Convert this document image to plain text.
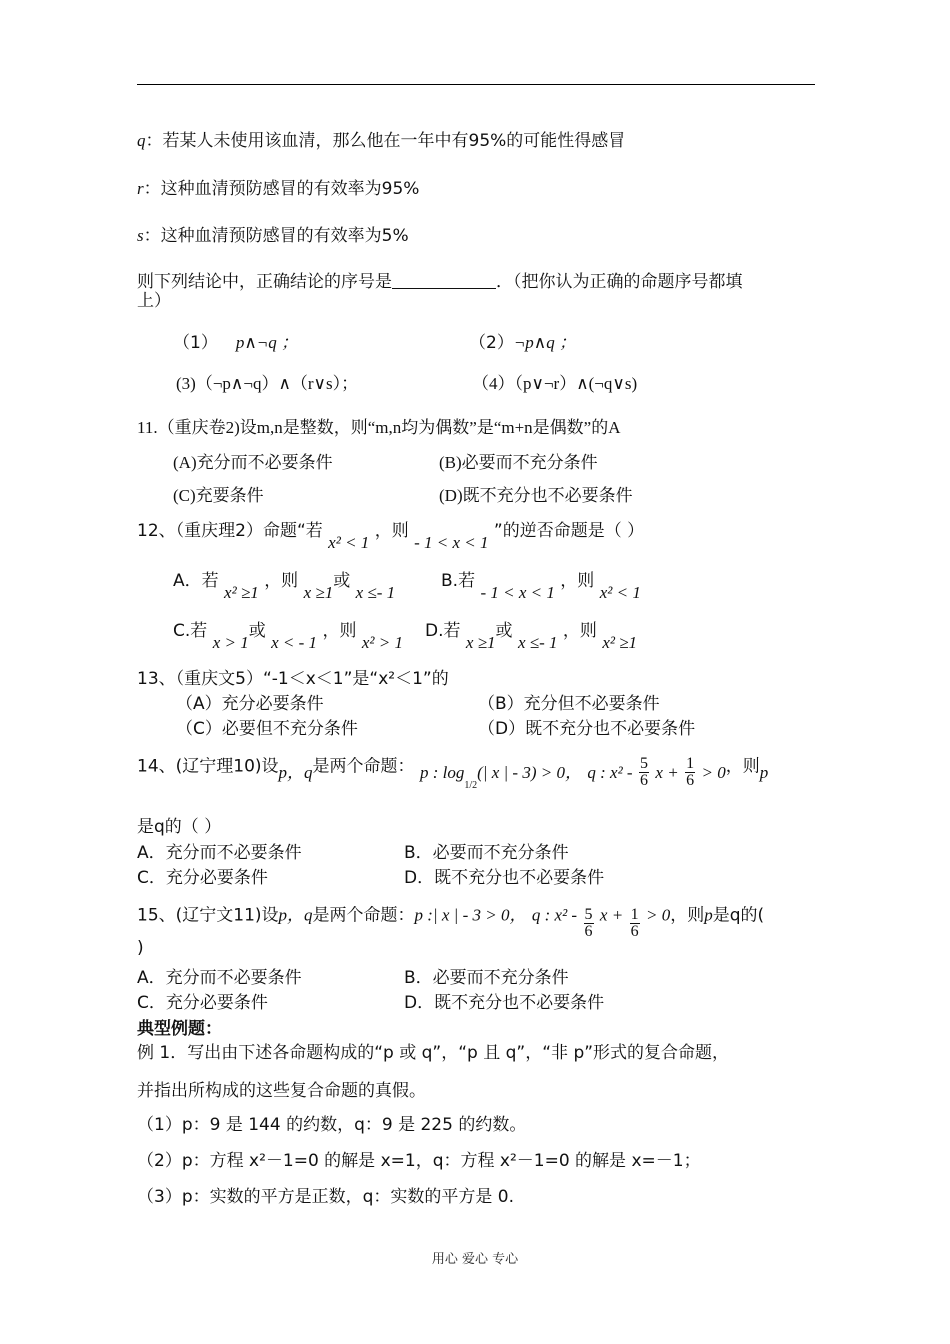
q：若某人未使用该血清，那么他在一年中有95%的可能性得感冒
r：这种血清预防感冒的有效率为95%
s：这种血清预防感冒的有效率为5%
则下列结论中，正确结论的序号是	．（把你认为正确的命题序号都填
上）
（1） p∧¬q ；	（2）¬p∧q ；
(3)（¬p∧¬q）∧（r∨s）；	（4）（p∨¬r）∧(¬q∨s)
11.（重庆卷2)设m,n是整数，则“m,n均为偶数”是“m+n是偶数”的A
(A)充分而不必要条件	(B)必要而不充分条件
(C)充要条件	(D)既不充分也不必要条件
12、（重庆理2）命题“若 x² < 1 ，则 - 1 < x < 1 ”的逆否命题是（ ）
A．若 x² ≥1 ，则 x ≥1或 x ≤- 1
B.若 - 1 < x < 1 ，则 x² < 1
C.若 x > 1或 x < - 1 ，则 x² > 1
D.若 x ≥1或 x ≤- 1 ，则 x² ≥1
13、（重庆文5）“-1＜x＜1”是“x²＜1”的
（A）充分必要条件	（B）充分但不必要条件
（C）必要但不充分条件	（D）既不充分也不必要条件
14、(辽宁理10)设p，q是两个命题： p : $\log_{1/2}(|$ x | - 3) > 0， q : $x^2 - \frac{5}{6}$ $x + \frac{1}{6} > 0$，则p
是q的（ ）
A．充分而不必要条件	B．必要而不充分条件
C．充分必要条件	D．既不充分也不必要条件
15、(辽宁文11)设p，q是两个命题：p :| x | - 3 > 0， q : $x^2 - \frac{5}{6}$ $x + \frac{1}{6} > 0$，则p是q的(
)
A．充分而不必要条件	B．必要而不充分条件
C．充分必要条件	D．既不充分也不必要条件
典型例题：
例 1．写出由下述各命题构成的“p 或 q”，“p 且 q”，“非 p”形式的复合命题，
并指出所构成的这些复合命题的真假。
（1）p：9 是 144 的约数，q：9 是 225 的约数。
（2）p：方程 x²－1=0 的解是 x=1，q：方程 x²－1=0 的解是 x=－1；
（3）p：实数的平方是正数，q：实数的平方是 0.
用心 爱心 专心
